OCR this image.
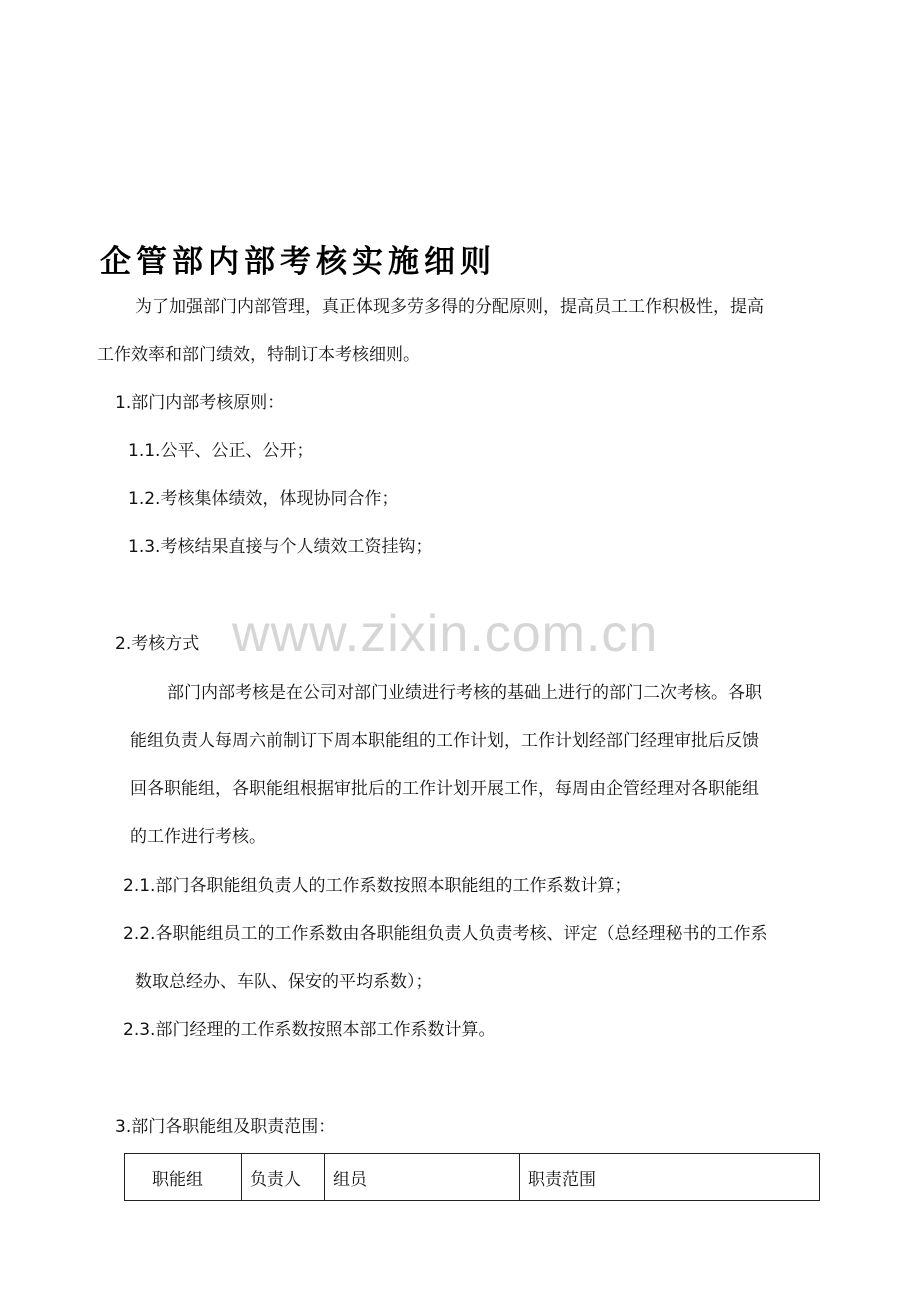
企管部内部考核实施细则
为了加强部门内部管理，真正体现多劳多得的分配原则，提高员工工作积极性，提高
工作效率和部门绩效，特制订本考核细则。
1.部门内部考核原则：
1.1.公平、公正、公开；
1.2.考核集体绩效，体现协同合作；
1.3.考核结果直接与个人绩效工资挂钩；
www.zixin.com.cn
2.考核方式
部门内部考核是在公司对部门业绩进行考核的基础上进行的部门二次考核。各职
能组负责人每周六前制订下周本职能组的工作计划，工作计划经部门经理审批后反馈
回各职能组，各职能组根据审批后的工作计划开展工作，每周由企管经理对各职能组
的工作进行考核。
2.1.部门各职能组负责人的工作系数按照本职能组的工作系数计算；
2.2.各职能组员工的工作系数由各职能组负责人负责考核、评定（总经理秘书的工作系
数取总经办、车队、保安的平均系数）；
2.3.部门经理的工作系数按照本部工作系数计算。
3.部门各职能组及职责范围：
职能组	负责人	组员	职责范围
